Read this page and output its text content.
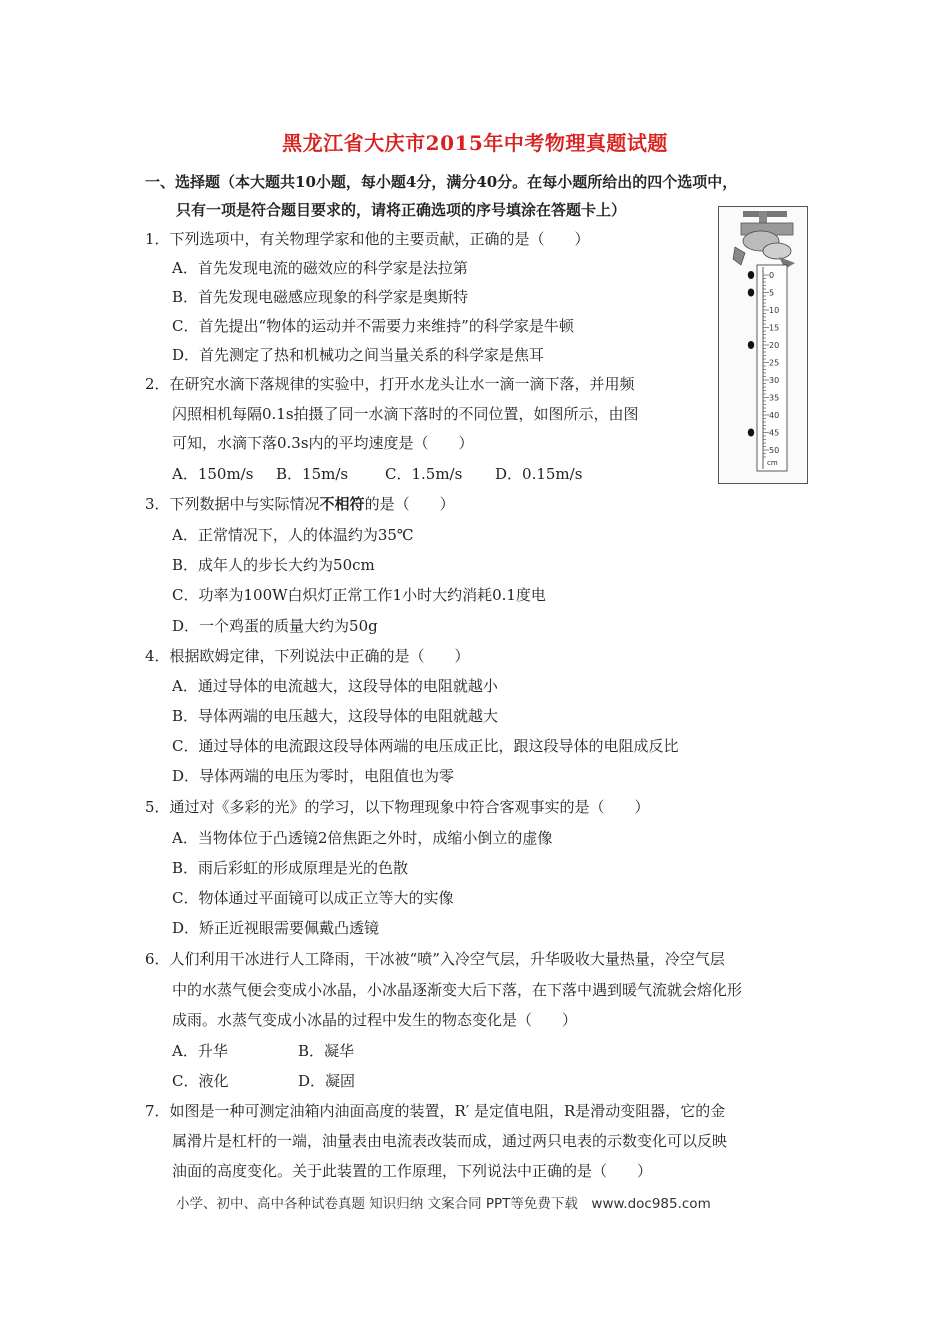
黑龙江省大庆市2015年中考物理真题试题
一、选择题（本大题共10小题，每小题4分，满分40分。在每小题所给出的四个选项中，
只有一项是符合题目要求的，请将正确选项的序号填涂在答题卡上）
1．下列选项中，有关物理学家和他的主要贡献，正确的是（　　）
A．首先发现电流的磁效应的科学家是法拉第
B．首先发现电磁感应现象的科学家是奥斯特
C．首先提出“物体的运动并不需要力来维持”的科学家是牛顿
D．首先测定了热和机械功之间当量关系的科学家是焦耳
2．在研究水滴下落规律的实验中，打开水龙头让水一滴一滴下落，并用频
闪照相机每隔0.1s拍摄了同一水滴下落时的不同位置，如图所示，由图
可知，水滴下落0.3s内的平均速度是（　　）
A．150m/s B．15m/s C．1.5m/s D．0.15m/s
0
5
10
15
20
25
30
35
40
45
50
cm
3．下列数据中与实际情况不相符的是（　　）
A．正常情况下，人的体温约为35℃
B．成年人的步长大约为50cm
C．功率为100W白炽灯正常工作1小时大约消耗0.1度电
D．一个鸡蛋的质量大约为50g
4．根据欧姆定律，下列说法中正确的是（　　）
A．通过导体的电流越大，这段导体的电阻就越小
B．导体两端的电压越大，这段导体的电阻就越大
C．通过导体的电流跟这段导体两端的电压成正比，跟这段导体的电阻成反比
D．导体两端的电压为零时，电阻值也为零
5．通过对《多彩的光》的学习，以下物理现象中符合客观事实的是（　　）
A．当物体位于凸透镜2倍焦距之外时，成缩小倒立的虚像
B．雨后彩虹的形成原理是光的色散
C．物体通过平面镜可以成正立等大的实像
D．矫正近视眼需要佩戴凸透镜
6．人们利用干冰进行人工降雨，干冰被“喷”入冷空气层，升华吸收大量热量，冷空气层
中的水蒸气便会变成小冰晶，小冰晶逐渐变大后下落，在下落中遇到暖气流就会熔化形
成雨。水蒸气变成小冰晶的过程中发生的物态变化是（　　）
A．升华	B．凝华
C．液化	D．凝固
7．如图是一种可测定油箱内油面高度的装置，R′ 是定值电阻，R是滑动变阻器，它的金
属滑片是杠杆的一端，油量表由电流表改装而成，通过两只电表的示数变化可以反映
油面的高度变化。关于此装置的工作原理，下列说法中正确的是（　　）
小学、初中、高中各种试卷真题 知识归纳 文案合同 PPT等免费下载　www.doc985.com
